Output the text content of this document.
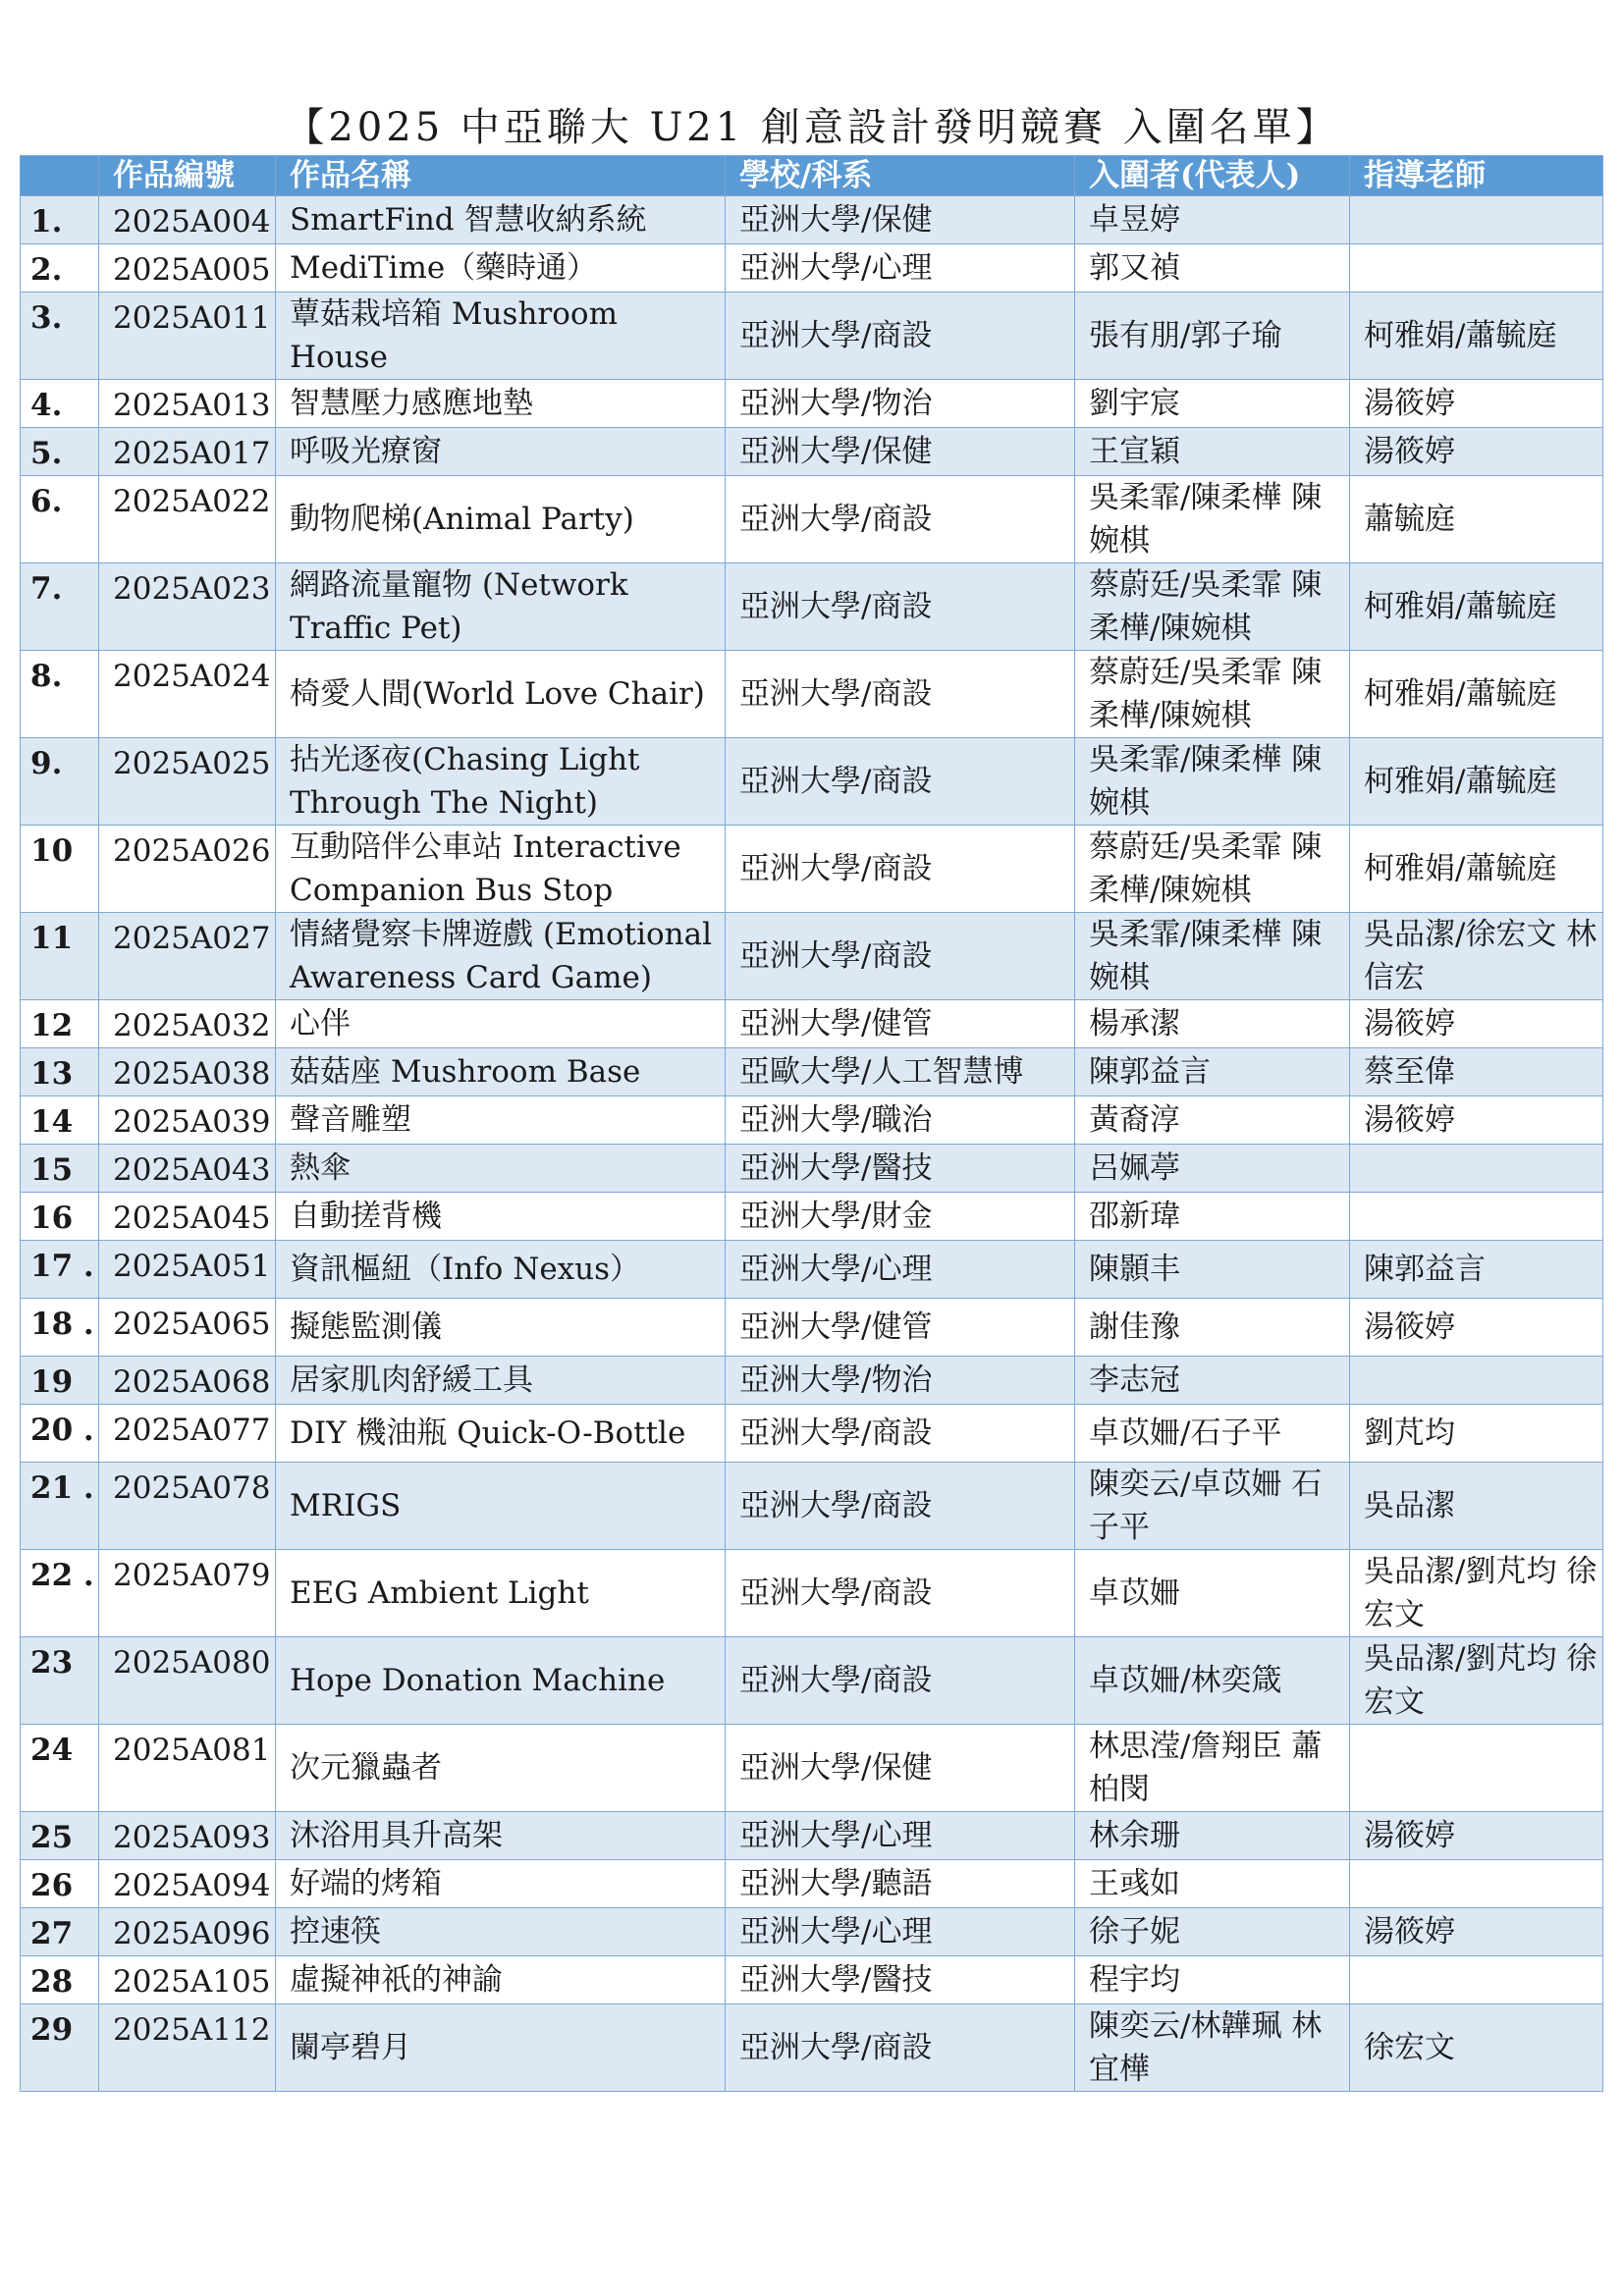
【2025 中亞聯大 U21 創意設計發明競賽 入圍名單】
	作品編號	作品名稱	學校/科系	入圍者(代表人)	指導老師
1.	2025A004	SmartFind 智慧收納系統	亞洲大學/保健	卓昱婷	
2.	2025A005	MediTime（藥時通）	亞洲大學/心理	郭又禎	
3.	2025A011	蕈菇栽培箱 Mushroom House	亞洲大學/商設	張有朋/郭子瑜	柯雅娟/蕭毓庭
4.	2025A013	智慧壓力感應地墊	亞洲大學/物治	劉宇宸	湯筱婷
5.	2025A017	呼吸光療窗	亞洲大學/保健	王宣穎	湯筱婷
6.	2025A022	動物爬梯(Animal Party)	亞洲大學/商設	吳柔霏/陳柔樺 陳婉棋	蕭毓庭
7.	2025A023	網路流量寵物 (Network Traffic Pet)	亞洲大學/商設	蔡蔚廷/吳柔霏 陳柔樺/陳婉棋	柯雅娟/蕭毓庭
8.	2025A024	椅愛人間(World Love Chair)	亞洲大學/商設	蔡蔚廷/吳柔霏 陳柔樺/陳婉棋	柯雅娟/蕭毓庭
9.	2025A025	拈光逐夜(Chasing Light Through The Night)	亞洲大學/商設	吳柔霏/陳柔樺 陳婉棋	柯雅娟/蕭毓庭
10	2025A026	互動陪伴公車站 Interactive Companion Bus Stop	亞洲大學/商設	蔡蔚廷/吳柔霏 陳柔樺/陳婉棋	柯雅娟/蕭毓庭
11	2025A027	情緒覺察卡牌遊戲 (Emotional Awareness Card Game)	亞洲大學/商設	吳柔霏/陳柔樺 陳婉棋	吳品潔/徐宏文 林信宏
12	2025A032	心伴	亞洲大學/健管	楊承潔	湯筱婷
13	2025A038	菇菇座 Mushroom Base	亞歐大學/人工智慧博	陳郭益言	蔡至偉
14	2025A039	聲音雕塑	亞洲大學/職治	黃裔淳	湯筱婷
15	2025A043	熱傘	亞洲大學/醫技	呂姵葶	
16	2025A045	自動搓背機	亞洲大學/財金	邵新瑋	
17 .	2025A051	資訊樞紐（Info Nexus）	亞洲大學/心理	陳顥丰	陳郭益言
18 .	2025A065	擬態監測儀	亞洲大學/健管	謝佳豫	湯筱婷
19	2025A068	居家肌肉舒緩工具	亞洲大學/物治	李志冠	
20 .	2025A077	DIY 機油瓶 Quick-O-Bottle	亞洲大學/商設	卓苡姍/石子平	劉芃均
21 .	2025A078	MRIGS	亞洲大學/商設	陳奕云/卓苡姍 石子平	吳品潔
22 .	2025A079	EEG Ambient Light	亞洲大學/商設	卓苡姍	吳品潔/劉芃均 徐宏文
23	2025A080	Hope Donation Machine	亞洲大學/商設	卓苡姍/林奕箴	吳品潔/劉芃均 徐宏文
24	2025A081	次元獵蟲者	亞洲大學/保健	林思滢/詹翔臣 蕭柏閔	
25	2025A093	沐浴用具升高架	亞洲大學/心理	林余珊	湯筱婷
26	2025A094	好端的烤箱	亞洲大學/聽語	王彧如	
27	2025A096	控速筷	亞洲大學/心理	徐子妮	湯筱婷
28	2025A105	虛擬神祇的神諭	亞洲大學/醫技	程宇均	
29	2025A112	闌亭碧月	亞洲大學/商設	陳奕云/林韡珮 林宜樺	徐宏文
